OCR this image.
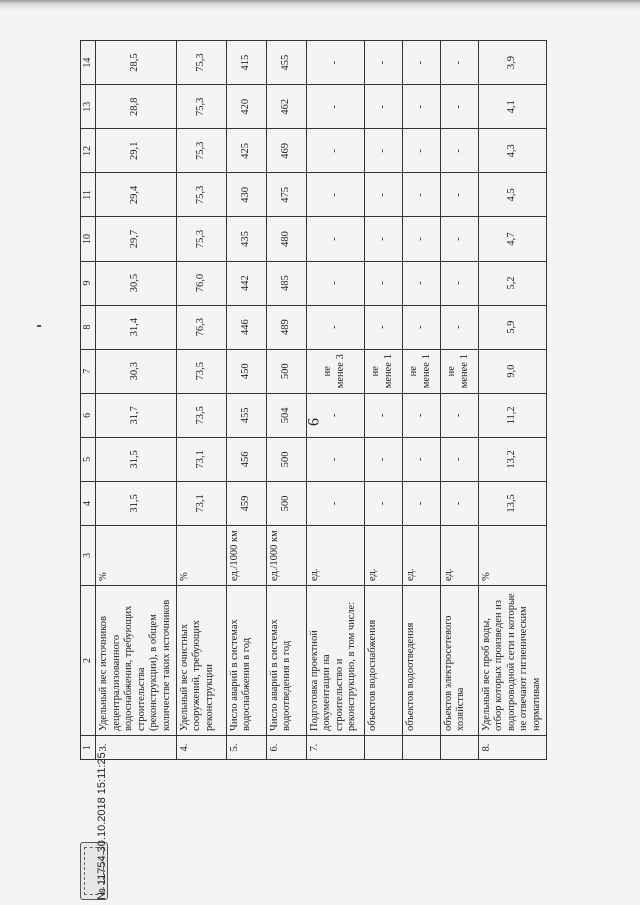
9
1	2	3	4	5	6	7	8	9	10	11	12	13	14
3.	Удельный вес источников децентрализованного водоснабжения, требующих строительства (реконструкции), в общем количестве таких источников	%	31,5	31,5	31,7	30,3	31,4	30,5	29,7	29,4	29,1	28,8	28,5
4.	Удельный вес очистных сооружений, требующих реконструкции	%	73,1	73,1	73,5	73,5	76,3	76,0	75,3	75,3	75,3	75,3	75,3
5.	Число аварий в системах водоснабжения в год	ед./1000 км	459	456	455	450	446	442	435	430	425	420	415
6.	Число аварий в системах водоотведения в год	ед./1000 км	500	500	504	500	489	485	480	475	469	462	455
7.	Подготовка проектной документации на строительство и реконструкцию, в том числе:	ед.	-	-	-	не менее 3	-	-	-	-	-	-	-
	объектов водоснабжения	ед.	-	-	-	не менее 1	-	-	-	-	-	-	-
	объектов водоотведения	ед.	-	-	-	не менее 1	-	-	-	-	-	-	-
	объектов электросетевого хозяйства	ед.	-	-	-	не менее 1	-	-	-	-	-	-	-
8.	Удельный вес проб воды, отбор которых произведен из водопроводной сети и которые не отвечают гигиеническим нормативам	%	13,5	13,2	11,2	9,0	5,9	5,2	4,7	4,5	4,3	4,1	3,9
№ 11754 30.10.2018 15:11:25
